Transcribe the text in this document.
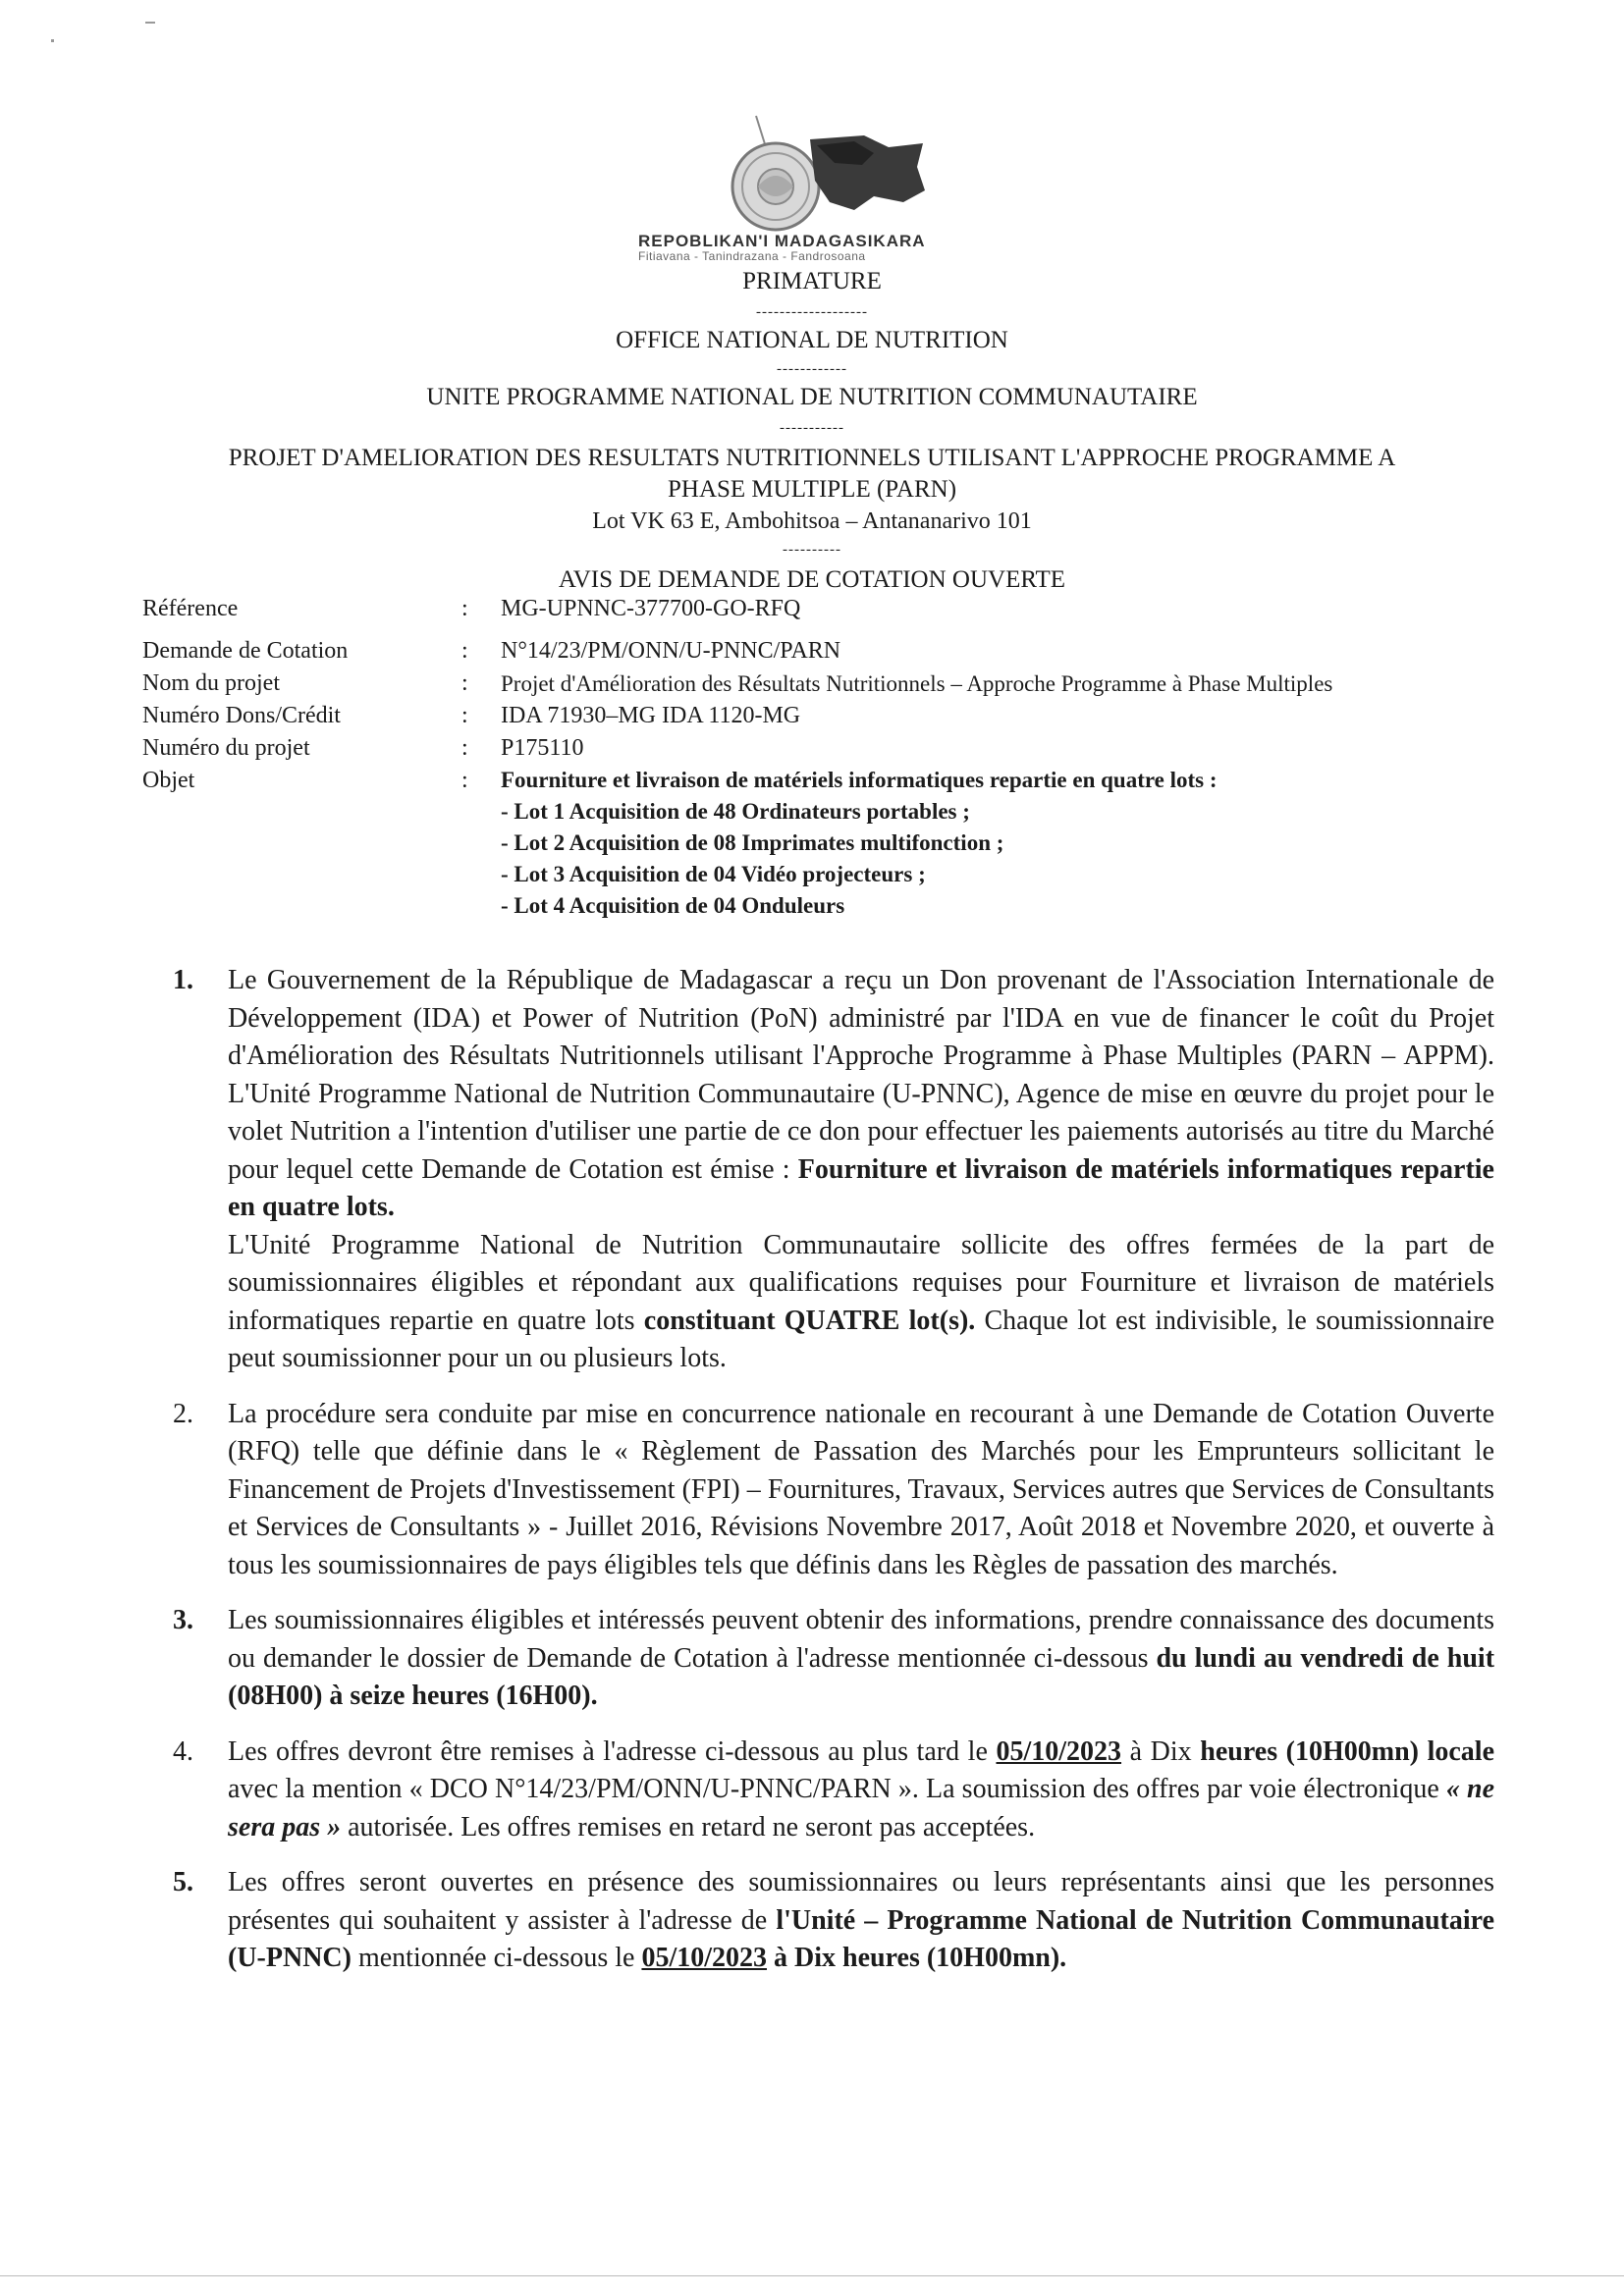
REPOBLIKAN'I MADAGASIKARA
Fitiavana - Tanindrazana - Fandrosoana
PRIMATURE
-------------------
OFFICE NATIONAL DE NUTRITION
------------
UNITE PROGRAMME NATIONAL DE NUTRITION COMMUNAUTAIRE
-----------
PROJET D'AMELIORATION DES RESULTATS NUTRITIONNELS UTILISANT L'APPROCHE PROGRAMME A
PHASE MULTIPLE (PARN)
Lot VK 63 E, Ambohitsoa – Antananarivo 101
----------
AVIS DE DEMANDE DE COTATION OUVERTE
Référence	:	MG-UPNNC-377700-GO-RFQ
Demande de Cotation	:	N°14/23/PM/ONN/U-PNNC/PARN
Nom du projet	:	Projet d'Amélioration des Résultats Nutritionnels – Approche Programme à Phase Multiples
Numéro Dons/Crédit	:	IDA 71930–MG IDA 1120-MG
Numéro du projet	:	P175110
Objet	:	Fourniture et livraison de matériels informatiques repartie en quatre lots :
- Lot 1 Acquisition de 48 Ordinateurs portables ;
- Lot 2 Acquisition de 08 Imprimates multifonction ;
- Lot 3 Acquisition de 04 Vidéo projecteurs ;
- Lot 4 Acquisition de 04 Onduleurs
1.	Le Gouvernement de la République de Madagascar a reçu un Don provenant de l'Association Internationale de Développement (IDA) et Power of Nutrition (PoN) administré par l'IDA en vue de financer le coût du Projet d'Amélioration des Résultats Nutritionnels utilisant l'Approche Programme à Phase Multiples (PARN – APPM). L'Unité Programme National de Nutrition Communautaire (U-PNNC), Agence de mise en œuvre du projet pour le volet Nutrition a l'intention d'utiliser une partie de ce don pour effectuer les paiements autorisés au titre du Marché pour lequel cette Demande de Cotation est émise : Fourniture et livraison de matériels informatiques repartie en quatre lots.

L'Unité Programme National de Nutrition Communautaire sollicite des offres fermées de la part de soumissionnaires éligibles et répondant aux qualifications requises pour Fourniture et livraison de matériels informatiques repartie en quatre lots constituant QUATRE lot(s). Chaque lot est indivisible, le soumissionnaire peut soumissionner pour un ou plusieurs lots.

2.	La procédure sera conduite par mise en concurrence nationale en recourant à une Demande de Cotation Ouverte (RFQ) telle que définie dans le « Règlement de Passation des Marchés pour les Emprunteurs sollicitant le Financement de Projets d'Investissement (FPI) – Fournitures, Travaux, Services autres que Services de Consultants et Services de Consultants » - Juillet 2016, Révisions Novembre 2017, Août 2018 et Novembre 2020, et ouverte à tous les soumissionnaires de pays éligibles tels que définis dans les Règles de passation des marchés.

3.	Les soumissionnaires éligibles et intéressés peuvent obtenir des informations, prendre connaissance des documents ou demander le dossier de Demande de Cotation à l'adresse mentionnée ci-dessous du lundi au vendredi de huit (08H00) à seize heures (16H00).

4.	Les offres devront être remises à l'adresse ci-dessous au plus tard le 05/10/2023 à Dix heures (10H00mn) locale avec la mention « DCO N°14/23/PM/ONN/U-PNNC/PARN ». La soumission des offres par voie électronique « ne sera pas » autorisée. Les offres remises en retard ne seront pas acceptées.

5.	Les offres seront ouvertes en présence des soumissionnaires ou leurs représentants ainsi que les personnes présentes qui souhaitent y assister à l'adresse de l'Unité – Programme National de Nutrition Communautaire (U-PNNC) mentionnée ci-dessous le 05/10/2023 à Dix heures (10H00mn).
